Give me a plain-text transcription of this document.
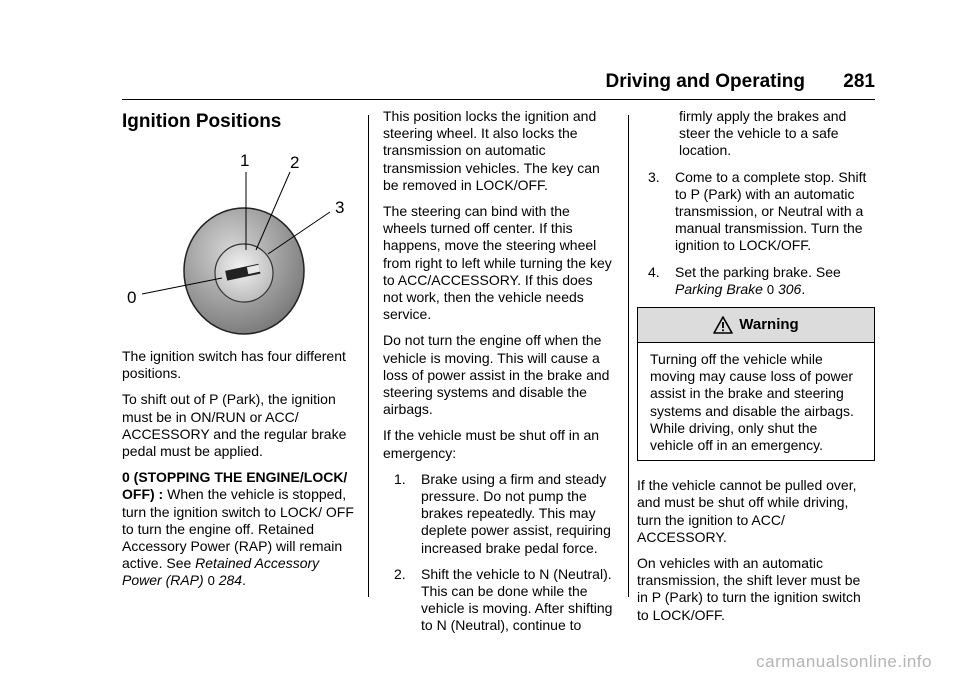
Driving and Operating 281
Ignition Positions
0
1 2
3

The ignition switch has four different positions.

To shift out of P (Park), the ignition must be in ON/RUN or ACC/ ACCESSORY and the regular brake pedal must be applied.

0 (STOPPING THE ENGINE/LOCK/ OFF) : When the vehicle is stopped, turn the ignition switch to LOCK/ OFF to turn the engine off. Retained Accessory Power (RAP) will remain active. See Retained Accessory Power (RAP) 0 284.

This position locks the ignition and steering wheel. It also locks the transmission on automatic transmission vehicles. The key can be removed in LOCK/OFF.

The steering can bind with the wheels turned off center. If this happens, move the steering wheel from right to left while turning the key to ACC/ACCESSORY. If this does not work, then the vehicle needs service.

Do not turn the engine off when the vehicle is moving. This will cause a loss of power assist in the brake and steering systems and disable the airbags.

If the vehicle must be shut off in an emergency:

1. Brake using a firm and steady pressure. Do not pump the brakes repeatedly. This may deplete power assist, requiring increased brake pedal force.
2. Shift the vehicle to N (Neutral). This can be done while the vehicle is moving. After shifting to N (Neutral), continue to
firmly apply the brakes and steer the vehicle to a safe location.
3. Come to a complete stop. Shift to P (Park) with an automatic transmission, or Neutral with a manual transmission. Turn the ignition to LOCK/OFF.
4. Set the parking brake. See Parking Brake 0 306.
Warning
Turning off the vehicle while moving may cause loss of power assist in the brake and steering systems and disable the airbags. While driving, only shut the vehicle off in an emergency.

If the vehicle cannot be pulled over, and must be shut off while driving, turn the ignition to ACC/ ACCESSORY.

On vehicles with an automatic transmission, the shift lever must be in P (Park) to turn the ignition switch to LOCK/OFF.

carmanualsonline.info
